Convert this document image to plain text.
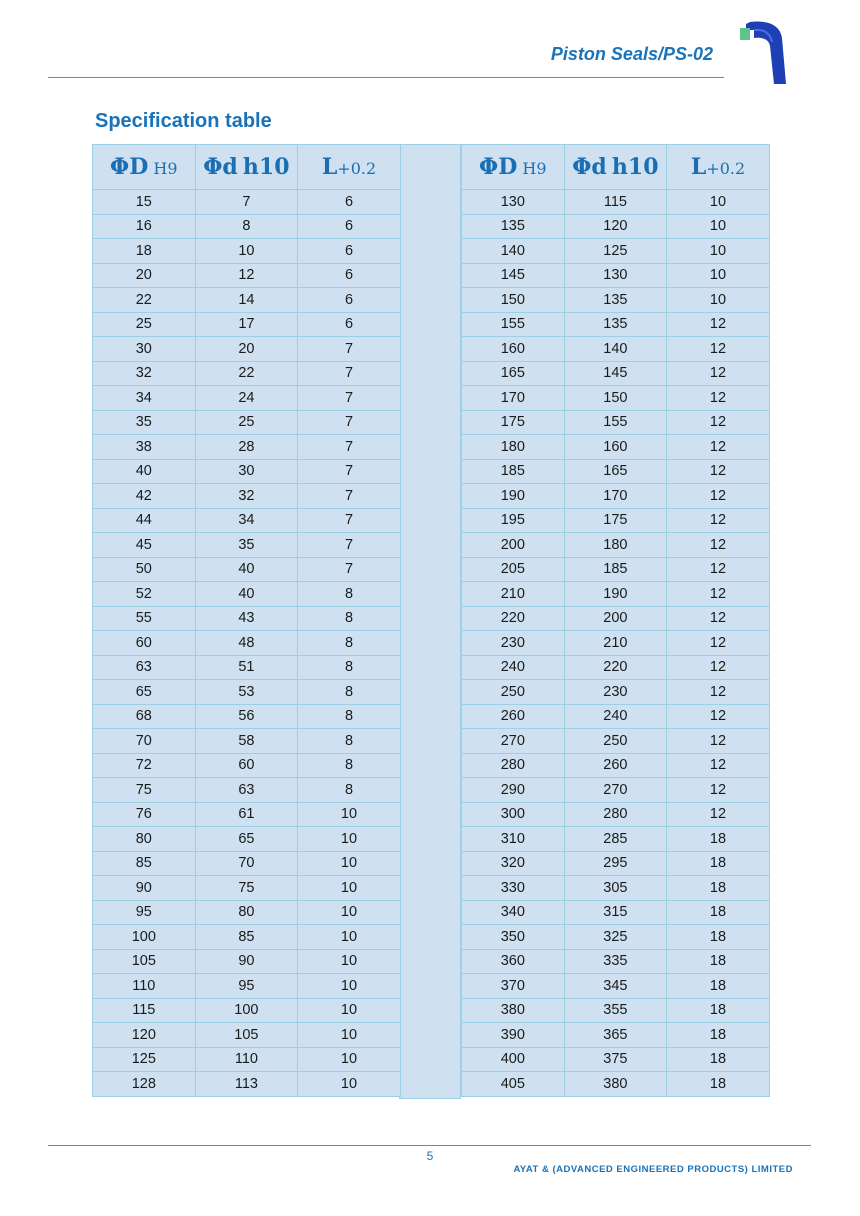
Piston Seals/PS-02
Specification table
ΦD H9	Φd h10	L+0.2
15	7	6
16	8	6
18	10	6
20	12	6
22	14	6
25	17	6
30	20	7
32	22	7
34	24	7
35	25	7
38	28	7
40	30	7
42	32	7
44	34	7
45	35	7
50	40	7
52	40	8
55	43	8
60	48	8
63	51	8
65	53	8
68	56	8
70	58	8
72	60	8
75	63	8
76	61	10
80	65	10
85	70	10
90	75	10
95	80	10
100	85	10
105	90	10
110	95	10
115	100	10
120	105	10
125	110	10
128	113	10
ΦD H9	Φd h10	L+0.2
130	115	10
135	120	10
140	125	10
145	130	10
150	135	10
155	135	12
160	140	12
165	145	12
170	150	12
175	155	12
180	160	12
185	165	12
190	170	12
195	175	12
200	180	12
205	185	12
210	190	12
220	200	12
230	210	12
240	220	12
250	230	12
260	240	12
270	250	12
280	260	12
290	270	12
300	280	12
310	285	18
320	295	18
330	305	18
340	315	18
350	325	18
360	335	18
370	345	18
380	355	18
390	365	18
400	375	18
405	380	18
5
AYAT & (ADVANCED ENGINEERED PRODUCTS) LIMITED
